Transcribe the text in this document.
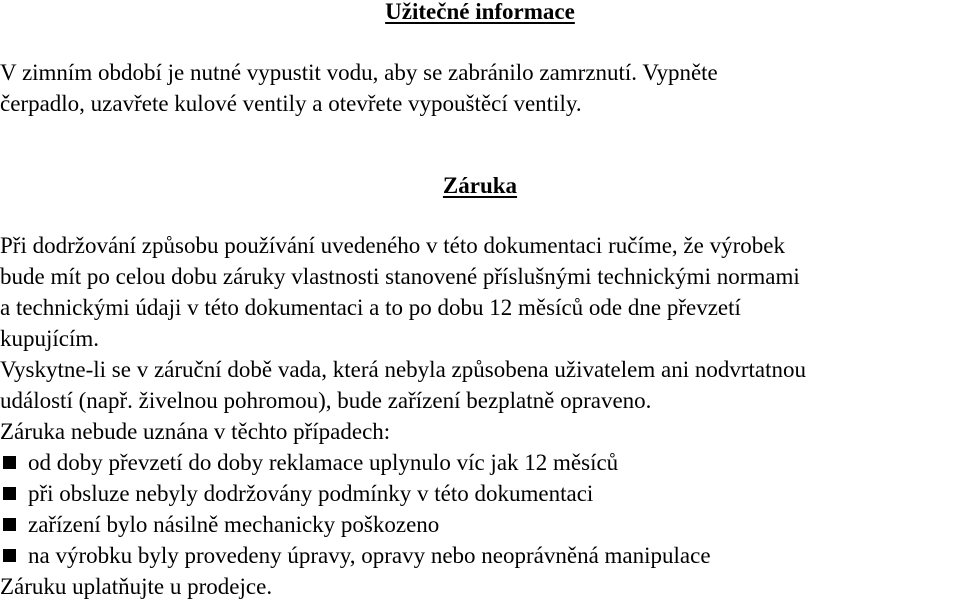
Užitečné informace
V zimním období je nutné vypustit vodu, aby se zabránilo zamrznutí. Vypněte
čerpadlo, uzavřete kulové ventily a otevřete vypouštěcí ventily.
Záruka
Při dodržování způsobu používání uvedeného v této dokumentaci ručíme, že výrobek
bude mít po celou dobu záruky vlastnosti stanovené příslušnými technickými normami
a technickými údaji v této dokumentaci a to po dobu 12 měsíců ode dne převzetí
kupujícím.
Vyskytne-li se v záruční době vada, která nebyla způsobena uživatelem ani nodvrtatnou
událostí (např. živelnou pohromou), bude zařízení bezplatně opraveno.
Záruka nebude uznána v těchto případech:
od doby převzetí do doby reklamace uplynulo víc jak 12 měsíců
při obsluze nebyly dodržovány podmínky v této dokumentaci
zařízení bylo násilně mechanicky poškozeno
na výrobku byly provedeny úpravy, opravy nebo neoprávněná manipulace
Záruku uplatňujte u prodejce.
